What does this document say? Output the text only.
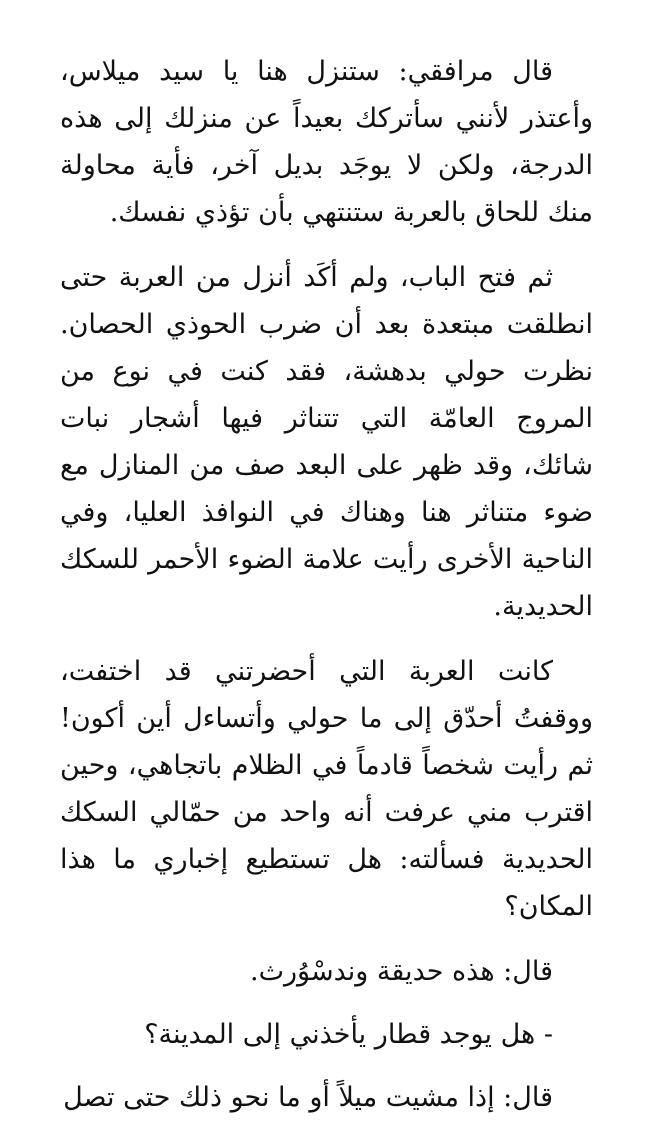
قال مرافقي: ستنزل هنا يا سيد ميلاس، وأعتذر لأنني سأتركك بعيداً عن منزلك إلى هذه الدرجة، ولكن لا يوجَد بديل آخر، فأية محاولة منك للحاق بالعربة ستنتهي بأن تؤذي نفسك.

ثم فتح الباب، ولم أكَد أنزل من العربة حتى انطلقت مبتعدة بعد أن ضرب الحوذي الحصان. نظرت حولي بدهشة، فقد كنت في نوع من المروج العامّة التي تتناثر فيها أشجار نبات شائك، وقد ظهر على البعد صف من المنازل مع ضوء متناثر هنا وهناك في النوافذ العليا، وفي الناحية الأخرى رأيت علامة الضوء الأحمر للسكك الحديدية.

كانت العربة التي أحضرتني قد اختفت، ووقفتُ أحدّق إلى ما حولي وأتساءل أين أكون! ثم رأيت شخصاً قادماً في الظلام باتجاهي، وحين اقترب مني عرفت أنه واحد من حمّالي السكك الحديدية فسألته: هل تستطيع إخباري ما هذا المكان؟

قال: هذه حديقة وندسْوُرث.

- هل يوجد قطار يأخذني إلى المدينة؟

قال: إذا مشيت ميلاً أو ما نحو ذلك حتى تصل
